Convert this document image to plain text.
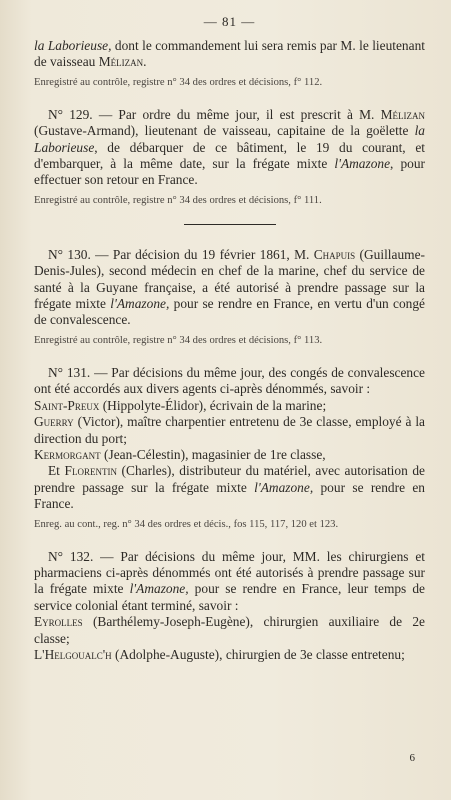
— 81 —

la Laborieuse, dont le commandement lui sera remis par M. le lieutenant de vaisseau Mélizan.

Enregistré au contrôle, registre n° 34 des ordres et décisions, f° 112.

N° 129. — Par ordre du même jour, il est prescrit à M. Mélizan (Gustave-Armand), lieutenant de vaisseau, capitaine de la goëlette la Laborieuse, de débarquer de ce bâtiment, le 19 du courant, et d'embarquer, à la même date, sur la frégate mixte l'Amazone, pour effectuer son retour en France.

Enregistré au contrôle, registre n° 34 des ordres et décisions, f° 111.

N° 130. — Par décision du 19 février 1861, M. Chapuis (Guillaume-Denis-Jules), second médecin en chef de la marine, chef du service de santé à la Guyane française, a été autorisé à prendre passage sur la frégate mixte l'Amazone, pour se rendre en France, en vertu d'un congé de convalescence.

Enregistré au contrôle, registre n° 34 des ordres et décisions, f° 113.

N° 131. — Par décisions du même jour, des congés de convalescence ont été accordés aux divers agents ci-après dénommés, savoir :

Saint-Preux (Hippolyte-Élidor), écrivain de la marine;

Guerry (Victor), maître charpentier entretenu de 3e classe, employé à la direction du port;

Kermorgant (Jean-Célestin), magasinier de 1re classe,

Et Florentin (Charles), distributeur du matériel, avec autorisation de prendre passage sur la frégate mixte l'Amazone, pour se rendre en France.

Enreg. au cont., reg. n° 34 des ordres et décis., fos 115, 117, 120 et 123.

N° 132. — Par décisions du même jour, MM. les chirurgiens et pharmaciens ci-après dénommés ont été autorisés à prendre passage sur la frégate mixte l'Amazone, pour se rendre en France, leur temps de service colonial étant terminé, savoir :

Eyrolles (Barthélemy-Joseph-Eugène), chirurgien auxiliaire de 2e classe;

L'Helgoualc'h (Adolphe-Auguste), chirurgien de 3e classe entretenu;

6
